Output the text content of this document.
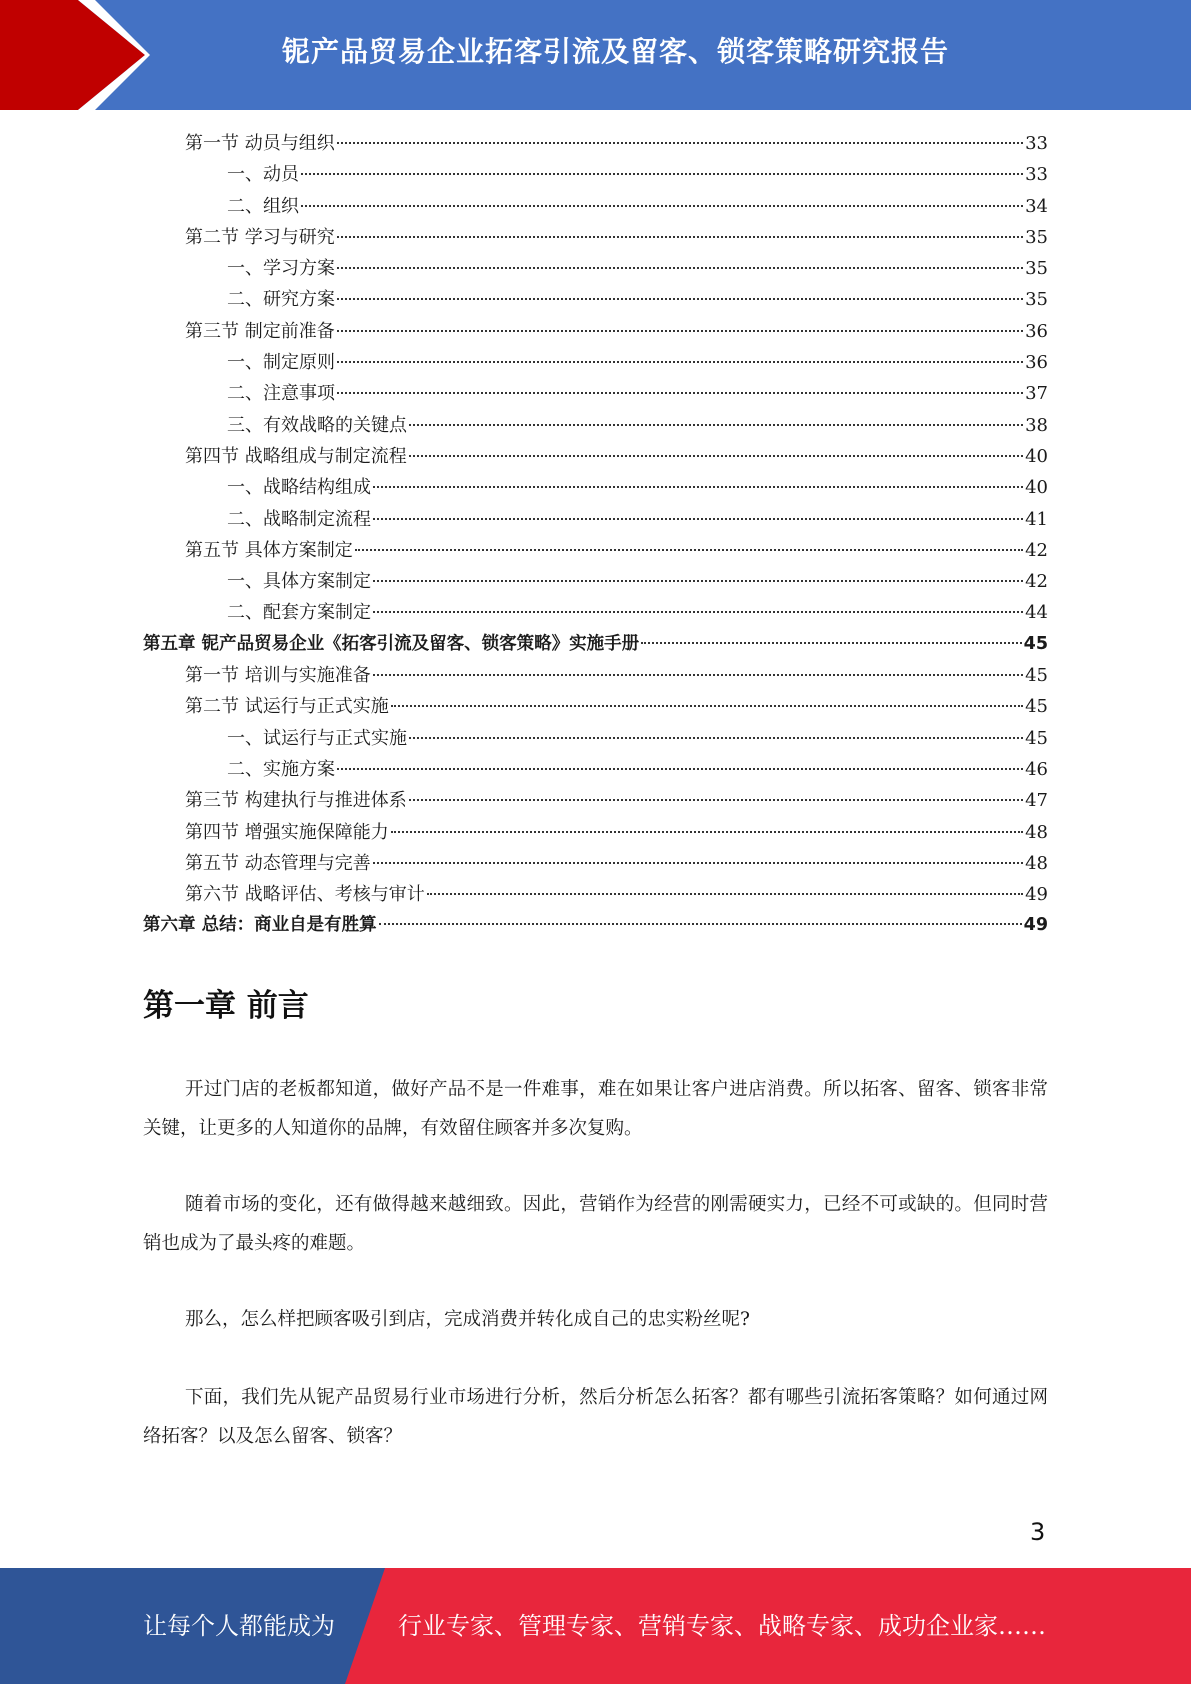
铌产品贸易企业拓客引流及留客、锁客策略研究报告
第一节 动员与组织	33
一、动员	33
二、组织	34
第二节 学习与研究	35
一、学习方案	35
二、研究方案	35
第三节 制定前准备	36
一、制定原则	36
二、注意事项	37
三、有效战略的关键点	38
第四节 战略组成与制定流程	40
一、战略结构组成	40
二、战略制定流程	41
第五节 具体方案制定	42
一、具体方案制定	42
二、配套方案制定	44
第五章 铌产品贸易企业《拓客引流及留客、锁客策略》实施手册	45
第一节 培训与实施准备	45
第二节 试运行与正式实施	45
一、试运行与正式实施	45
二、实施方案	46
第三节 构建执行与推进体系	47
第四节 增强实施保障能力	48
第五节 动态管理与完善	48
第六节 战略评估、考核与审计	49
第六章 总结：商业自是有胜算	49
第一章 前言

开过门店的老板都知道，做好产品不是一件难事，难在如果让客户进店消费。所以拓客、留客、锁客非常关键，让更多的人知道你的品牌，有效留住顾客并多次复购。

随着市场的变化，还有做得越来越细致。因此，营销作为经营的刚需硬实力，已经不可或缺的。但同时营销也成为了最头疼的难题。

那么，怎么样把顾客吸引到店，完成消费并转化成自己的忠实粉丝呢?

下面，我们先从铌产品贸易行业市场进行分析，然后分析怎么拓客？都有哪些引流拓客策略？如何通过网络拓客？以及怎么留客、锁客？

3
让每个人都能成为	行业专家、管理专家、营销专家、战略专家、成功企业家……
